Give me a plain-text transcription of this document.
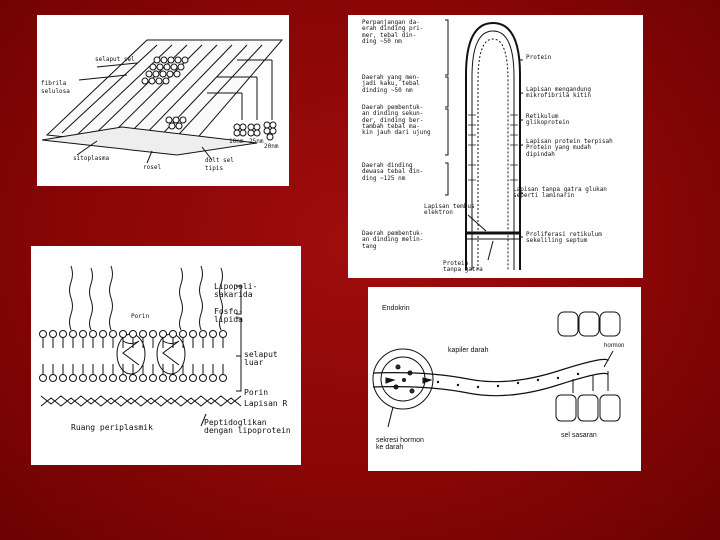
selaput sel
fibrila
selulosa
sitoplasma
rosel
10nm 25nm
20nm
dolt sel
tipis
Perpanjangan da-
erah dinding pri-
mer, tebal din-
ding ~50 nm
Daerah yang men-
jadi kaku, tebal
dinding ~50 nm
Daerah pembentuk-
an dinding sekun-
der, dinding ber-
tambah tebal ma-
kin jauh dari ujung
Daerah dinding
dewasa tebal din-
ding ~125 nm
Daerah pembentuk-
an dinding melin-
tang
Protein
Lapisan mengandung
mikrofibrila kitin
Retikulum
glikoprotein
Lapisan protein terpisah
Protein yang mudah
dipindah
Lapisan tanpa gatra glukan
seperti laminarin
Proliferasi retikulum
sekeliling septum
Lapisan tembus
elektron
Protein
tanpa gatra
Lipopoli-
sakarida
Porin
Fosfo-
lipida
selaput
luar
Porin
Lapisan R
Ruang periplasmik
Peptidoglikan
dengan lipoprotein
Endokrin
kapiler darah
hormon
sekresi hormon
ke darah
sel sasaran
